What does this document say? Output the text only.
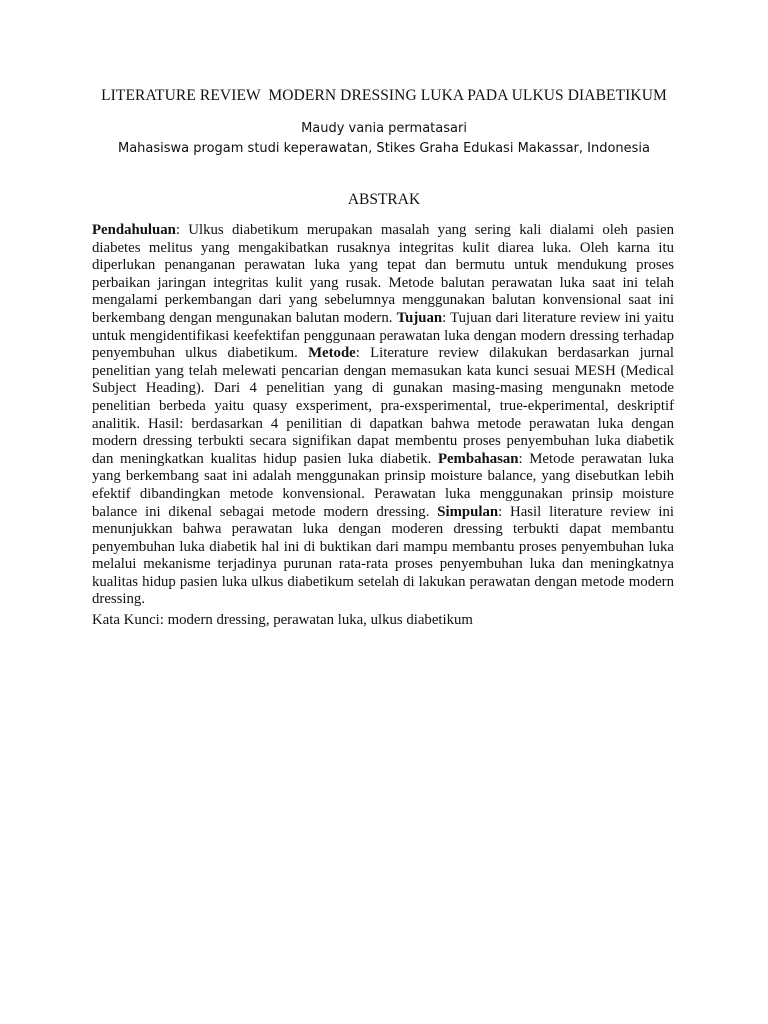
LITERATURE REVIEW  MODERN DRESSING LUKA PADA ULKUS DIABETIKUM
Maudy vania permatasari
Mahasiswa progam studi keperawatan, Stikes Graha Edukasi Makassar, Indonesia
ABSTRAK
Pendahuluan: Ulkus diabetikum merupakan masalah yang sering kali dialami oleh pasien diabetes melitus yang mengakibatkan rusaknya integritas kulit diarea luka. Oleh karna itu diperlukan penanganan perawatan luka yang tepat dan bermutu untuk mendukung proses perbaikan jaringan integritas kulit yang rusak. Metode balutan perawatan luka saat ini telah mengalami perkembangan dari yang sebelumnya menggunakan balutan konvensional saat ini berkembang dengan mengunakan balutan modern. Tujuan: Tujuan dari literature review ini yaitu untuk mengidentifikasi keefektifan penggunaan perawatan luka dengan modern dressing terhadap penyembuhan ulkus diabetikum. Metode: Literature review dilakukan berdasarkan jurnal penelitian yang telah melewati pencarian dengan memasukan kata kunci sesuai MESH (Medical Subject Heading). Dari 4 penelitian yang di gunakan masing-masing mengunakn metode penelitian berbeda yaitu quasy exsperiment, pra-exsperimental, true-ekperimental, deskriptif analitik. Hasil: berdasarkan 4 penilitian di dapatkan bahwa metode perawatan luka dengan modern dressing terbukti secara signifikan dapat membentu proses penyembuhan luka diabetik dan meningkatkan kualitas hidup pasien luka diabetik. Pembahasan: Metode perawatan luka yang berkembang saat ini adalah menggunakan prinsip moisture balance, yang disebutkan lebih efektif dibandingkan metode konvensional. Perawatan luka menggunakan prinsip moisture balance ini dikenal sebagai metode modern dressing. Simpulan: Hasil literature review ini menunjukkan bahwa perawatan luka dengan moderen dressing terbukti dapat membantu penyembuhan luka diabetik hal ini di buktikan dari mampu membantu proses penyembuhan luka melalui mekanisme terjadinya purunan rata-rata proses penyembuhan luka dan meningkatnya kualitas hidup pasien luka ulkus diabetikum setelah di lakukan perawatan dengan metode modern dressing.
Kata Kunci: modern dressing, perawatan luka, ulkus diabetikum
